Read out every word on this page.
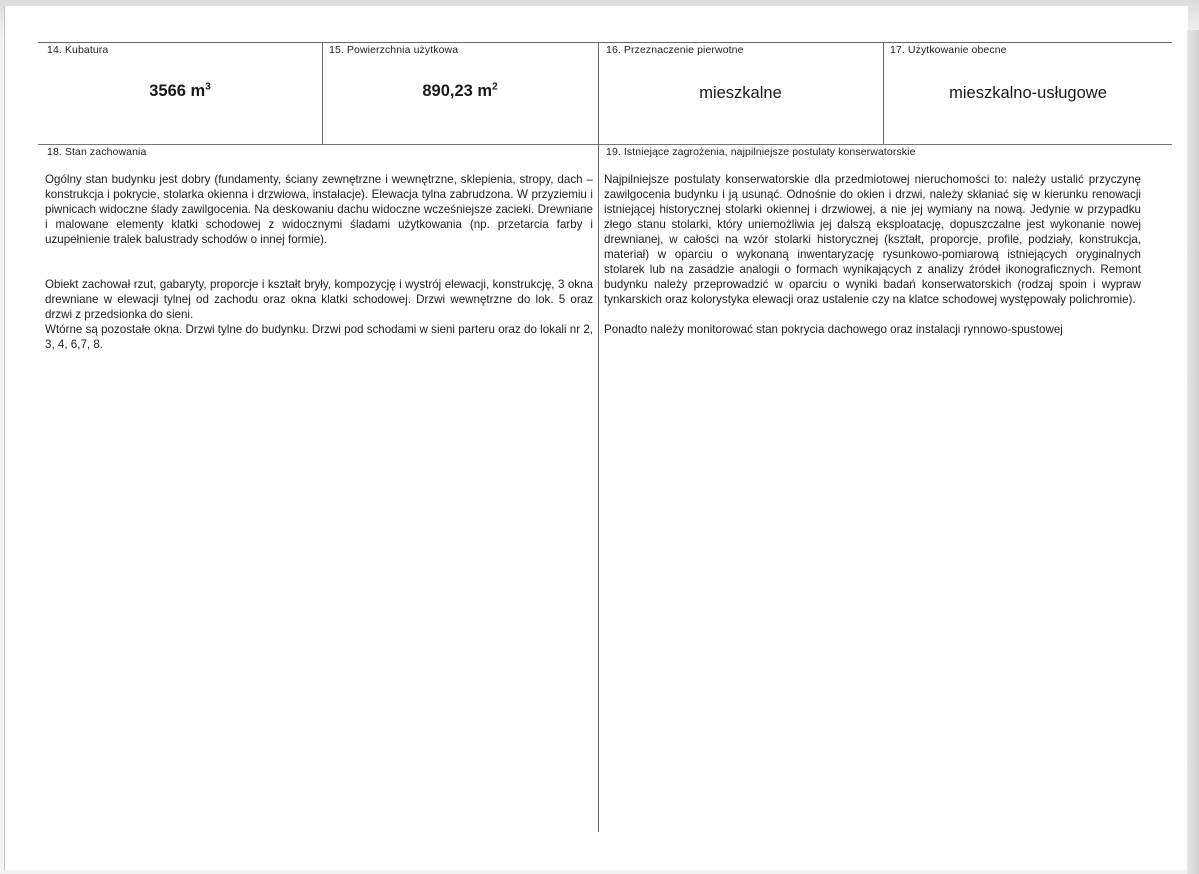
14. Kubatura
3566 $m^3$
15. Powierzchnia użytkowa
890,23 $m^2$
16. Przeznaczenie pierwotne
mieszkalne
17. Użytkowanie obecne
mieszkalno-usługowe
18. Stan zachowania

Ogólny stan budynku jest dobry (fundamenty, ściany zewnętrzne i wewnętrzne, sklepienia, stropy, dach – konstrukcja i pokrycie, stolarka okienna i drzwiowa, instalacje). Elewacja tylna zabrudzona. W przyziemiu i piwnicach widoczne ślady zawilgocenia. Na deskowaniu dachu widoczne wcześniejsze zacieki. Drewniane i malowane elementy klatki schodowej z widocznymi śladami użytkowania (np. przetarcia farby i uzupełnienie tralek balustrady schodów o innej formie).

Obiekt zachował rzut, gabaryty, proporcje i kształt bryły, kompozycję i wystrój elewacji, konstrukcję, 3 okna drewniane w elewacji tylnej od zachodu oraz okna klatki schodowej. Drzwi wewnętrzne do lok. 5 oraz drzwi z przedsionka do sieni.

Wtórne są pozostałe okna. Drzwi tylne do budynku. Drzwi pod schodami w sieni parteru oraz do lokali nr 2, 3, 4, 6,7, 8.

19. Istniejące zagrożenia, najpilniejsze postulaty konserwatorskie

Najpilniejsze postulaty konserwatorskie dla przedmiotowej nieruchomości to: należy ustalić przyczynę zawilgocenia budynku i ją usunąć. Odnośnie do okien i drzwi, należy skłaniać się w kierunku renowacji istniejącej historycznej stolarki okiennej i drzwiowej, a nie jej wymiany na nową. Jedynie w przypadku złego stanu stolarki, który uniemożliwia jej dalszą eksploatację, dopuszczalne jest wykonanie nowej drewnianej, w całości na wzór stolarki historycznej (kształt, proporcje, profile, podziały, konstrukcja, materiał) w oparciu o wykonaną inwentaryzację rysunkowo-pomiarową istniejących oryginalnych stolarek lub na zasadzie analogii o formach wynikających z analizy źródeł ikonograficznych. Remont budynku należy przeprowadzić w oparciu o wyniki badań konserwatorskich (rodzaj spoin i wypraw tynkarskich oraz kolorystyka elewacji oraz ustalenie czy na klatce schodowej występowały polichromie).

Ponadto należy monitorować stan pokrycia dachowego oraz instalacji rynnowo-spustowej
